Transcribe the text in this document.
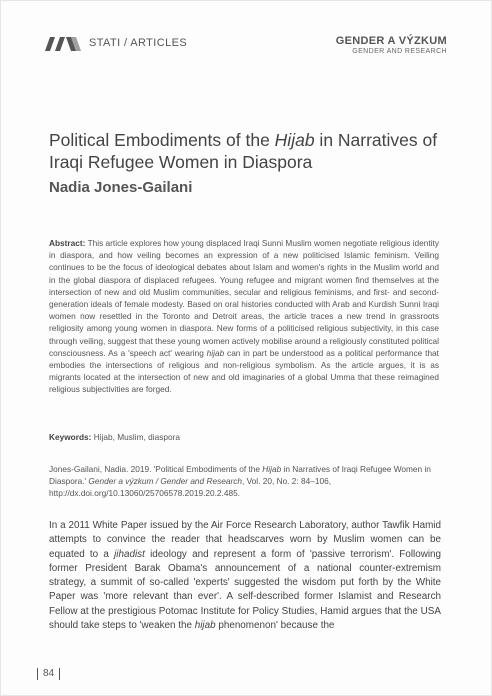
STATI / ARTICLES	GENDER A VÝZKUM
GENDER AND RESEARCH
Political Embodiments of the Hijab in Narratives of Iraqi Refugee Women in Diaspora
Nadia Jones-Gailani

Abstract: This article explores how young displaced Iraqi Sunni Muslim women negotiate religious identity in diaspora, and how veiling becomes an expression of a new politicised Islamic feminism. Veiling continues to be the focus of ideological debates about Islam and women's rights in the Muslim world and in the global diaspora of displaced refugees. Young refugee and migrant women find themselves at the intersection of new and old Muslim communities, secular and religious feminisms, and first- and second-generation ideals of female modesty. Based on oral histories conducted with Arab and Kurdish Sunni Iraqi women now resettled in the Toronto and Detroit areas, the article traces a new trend in grassroots religiosity among young women in diaspora. New forms of a politicised religious subjectivity, in this case through veiling, suggest that these young women actively mobilise around a religiously constituted political consciousness. As a 'speech act' wearing hijab can in part be understood as a political performance that embodies the intersections of religious and non-religious symbolism. As the article argues, it is as migrants located at the intersection of new and old imaginaries of a global Umma that these reimagined religious subjectivities are forged.

Keywords: Hijab, Muslim, diaspora

Jones-Gailani, Nadia. 2019. 'Political Embodiments of the Hijab in Narratives of Iraqi Refugee Women in Diaspora.' Gender a výzkum / Gender and Research, Vol. 20, No. 2: 84–106, http://dx.doi.org/10.13060/25706578.2019.20.2.485.

In a 2011 White Paper issued by the Air Force Research Laboratory, author Tawfik Hamid attempts to convince the reader that headscarves worn by Muslim women can be equated to a jihadist ideology and represent a form of 'passive terrorism'. Following former President Barak Obama's announcement of a national counter-extremism strategy, a summit of so-called 'experts' suggested the wisdom put forth by the White Paper was 'more relevant than ever'. A self-described former Islamist and Research Fellow at the prestigious Potomac Institute for Policy Studies, Hamid argues that the USA should take steps to 'weaken the hijab phenomenon' because the

84
